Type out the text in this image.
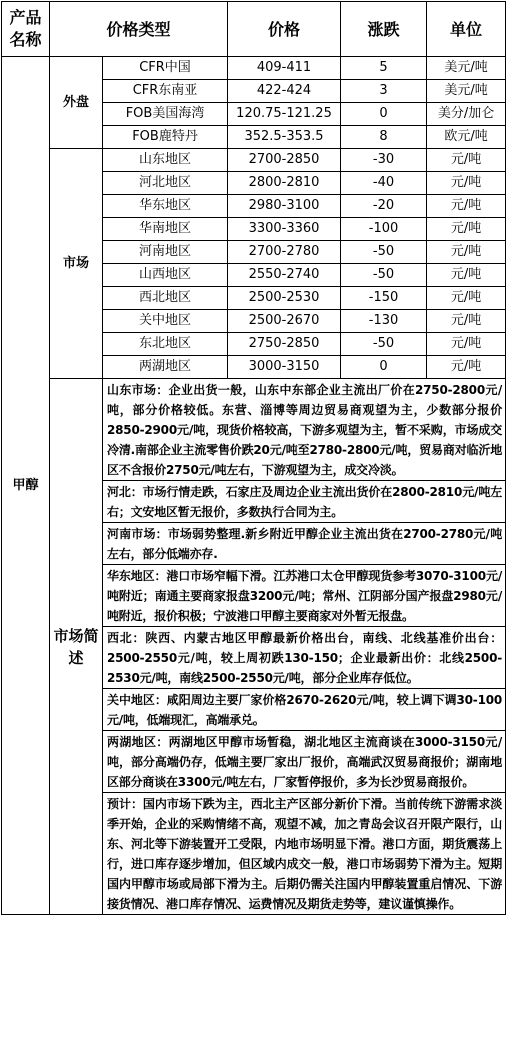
产品名称	价格类型		价格	涨跌	单位
甲醇	外盘	CFR中国	409-411	5	美元/吨
		CFR东南亚	422-424	3	美元/吨
		FOB美国海湾	120.75-121.25	0	美分/加仑
		FOB鹿特丹	352.5-353.5	8	欧元/吨
	市场	山东地区	2700-2850	-30	元/吨
		河北地区	2800-2810	-40	元/吨
		华东地区	2980-3100	-20	元/吨
		华南地区	3300-3360	-100	元/吨
		河南地区	2700-2780	-50	元/吨
		山西地区	2550-2740	-50	元/吨
		西北地区	2500-2530	-150	元/吨
		关中地区	2500-2670	-130	元/吨
		东北地区	2750-2850	-50	元/吨
		两湖地区	3000-3150	0	元/吨
	市场简述	山东市场：企业出货一般，山东中东部企业主流出厂价在2750-2800元/吨，部分价格较低。东营、淄博等周边贸易商观望为主，少数部分报价2850-2900元/吨，现货价格较高，下游多观望为主，暂不采购，市场成交冷清.南部企业主流零售价跌20元/吨至2780-2800元/吨，贸易商对临沂地区不含报价2750元/吨左右，下游观望为主，成交冷淡。			
		河北：市场行情走跌，石家庄及周边企业主流出货价在2800-2810元/吨左右；文安地区暂无报价，多数执行合同为主。			
		河南市场：市场弱势整理.新乡附近甲醇企业主流出货在2700-2780元/吨左右，部分低端亦存.			
		华东地区：港口市场窄幅下滑。江苏港口太仓甲醇现货参考3070-3100元/吨附近；南通主要商家报盘3200元/吨；常州、江阴部分国产报盘2980元/吨附近，报价积极；宁波港口甲醇主要商家对外暂无报盘。			
		西北：陕西、内蒙古地区甲醇最新价格出台，南线、北线基准价出台：2500-2550元/吨，较上周初跌130-150；企业最新出价：北线2500-2530元/吨，南线2500-2550元/吨，部分企业库存低位。			
		关中地区：咸阳周边主要厂家价格2670-2620元/吨，较上调下调30-100元/吨，低端现汇，高端承兑。			
		两湖地区：两湖地区甲醇市场暂稳，湖北地区主流商谈在3000-3150元/吨，部分高端仍存，低端主要厂家出厂报价，高端武汉贸易商报价；湖南地区部分商谈在3300元/吨左右，厂家暂停报价，多为长沙贸易商报价。			
		预计：国内市场下跌为主，西北主产区部分新价下滑。当前传统下游需求淡季开始，企业的采购情绪不高，观望不减，加之青岛会议召开限产限行，山东、河北等下游装置开工受限，内地市场明显下滑。港口方面，期货震荡上行，进口库存逐步增加，但区域内成交一般，港口市场弱势下滑为主。短期国内甲醇市场或局部下滑为主。后期仍需关注国内甲醇装置重启情况、下游接货情况、港口库存情况、运费情况及期货走势等，建议谨慎操作。			
